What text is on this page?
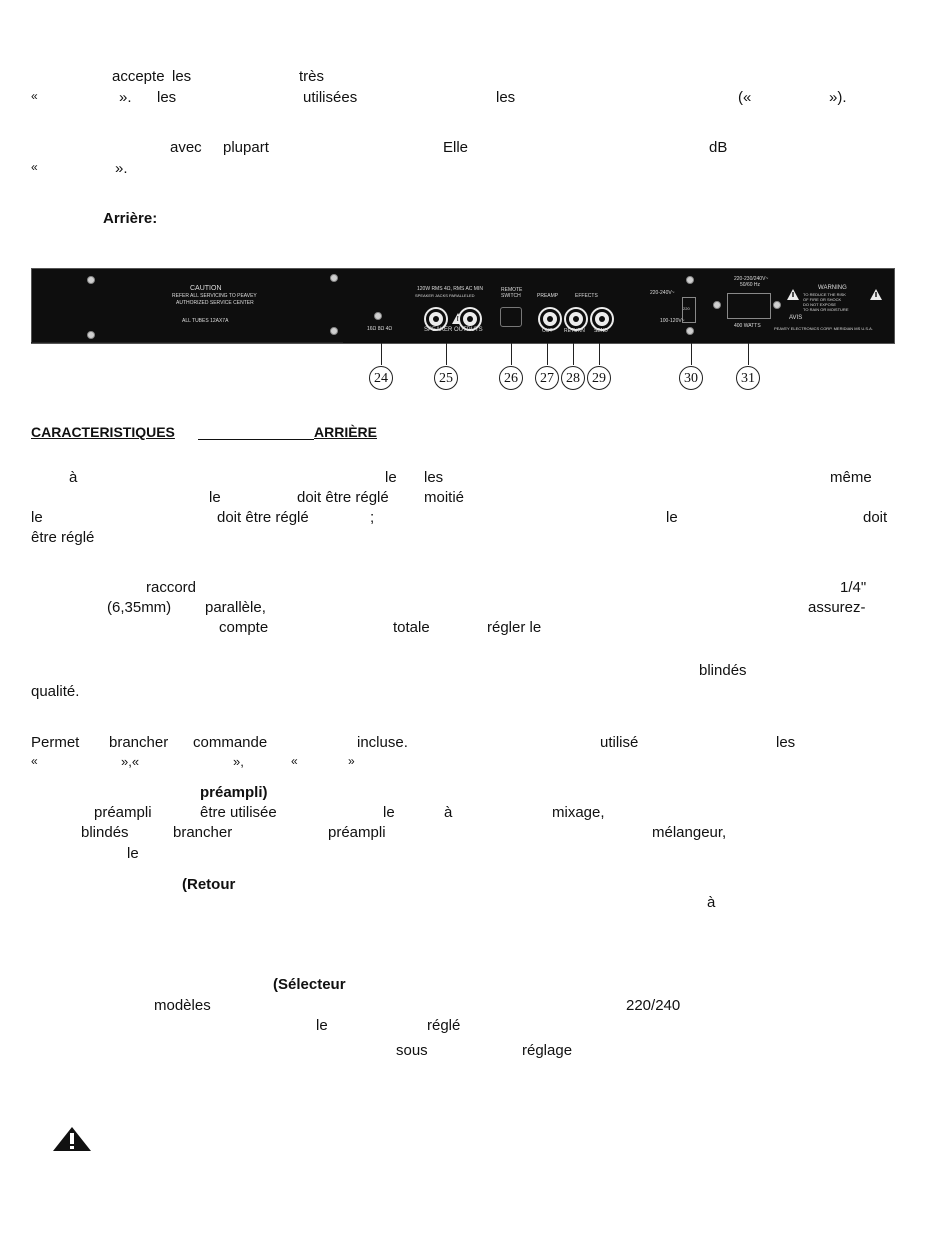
accepte les	très
«	». les	utilisées	les	(«	»).
avec plupart	Elle	dB
«	».
Arrière:
CAUTION
REFER ALL SERVICING TO PEAVEY
AUTHORIZED SERVICE CENTER
ALL TUBES 12AX7A
16Ω 8Ω 4Ω
120W RMS 4Ω, RMS AC MIN
SPEAKER JACKS PARALLELED
SPEAKER OUTPUTS
REMOTE
SWITCH	PREAMP	EFFECTS
OUT RETURN SEND
220-240V~
220
100-120V~
220-230/240V~
50/60 Hz
400 WATTS
WARNING
TO REDUCE THE RISK
OF FIRE OR SHOCK
DO NOT EXPOSE
TO RAIN OR MOISTURE
AVIS
PEAVEY ELECTRONICS CORP. MERIDIAN MS U.S.A.
24	25	26	27 28 29	30	31
CARACTERISTIQUES	ARRIÈRE
à	le les	même
le	doit être réglé moitié
le	doit être réglé	;	le	doit
être réglé
raccord	1/4"
(6,35mm) parallèle,	assurez-
compte	totale	régler le
blindés
qualité.
Permet brancher commande	incluse.	utilisé	les
«	»,«	»,	«	»
préampli)
préampli	être utilisée	le	à	mixage,
blindés	brancher	préampli	mélangeur,
le
(Retour
à
(Sélecteur
modèles	220/240
le	réglé
sous	réglage
